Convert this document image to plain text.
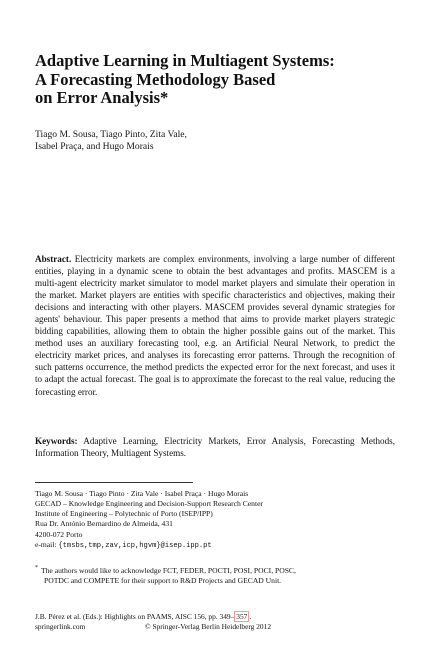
Adaptive Learning in Multiagent Systems:
A Forecasting Methodology Based
on Error Analysis*
Tiago M. Sousa, Tiago Pinto, Zita Vale,
Isabel Praça, and Hugo Morais
Abstract. Electricity markets are complex environments, involving a large number of different entities, playing in a dynamic scene to obtain the best advantages and profits. MASCEM is a multi-agent electricity market simulator to model market players and simulate their operation in the market. Market players are entities with specific characteristics and objectives, making their decisions and interacting with other players. MASCEM provides several dynamic strategies for agents' behaviour. This paper presents a method that aims to provide market players strategic bidding capabilities, allowing them to obtain the higher possible gains out of the market. This method uses an auxiliary forecasting tool, e.g. an Artificial Neural Network, to predict the electricity market prices, and analyses its forecasting error patterns. Through the recognition of such patterns occurrence, the method predicts the expected error for the next forecast, and uses it to adapt the actual forecast. The goal is to approximate the forecast to the real value, reducing the forecasting error.
Keywords: Adaptive Learning, Electricity Markets, Error Analysis, Forecasting Methods, Information Theory, Multiagent Systems.
Tiago M. Sousa · Tiago Pinto · Zita Vale · Isabel Praça · Hugo Morais
GECAD – Knowledge Engineering and Decision-Support Research Center
Institute of Engineering – Polytechnic of Porto (ISEP/IPP)
Rua Dr. António Bernardino de Almeida, 431
4200-072 Porto
e-mail: {tmsbs,tmp,zav,icp,hgvm}@isep.ipp.pt
* The authors would like to acknowledge FCT, FEDER, POCTI, POSI, POCI, POSC,
POTDC and COMPETE for their support to R&D Projects and GECAD Unit.
J.B. Pérez et al. (Eds.): Highlights on PAAMS, AISC 156, pp. 349– 357 .
springerlink.com	© Springer-Verlag Berlin Heidelberg 2012
